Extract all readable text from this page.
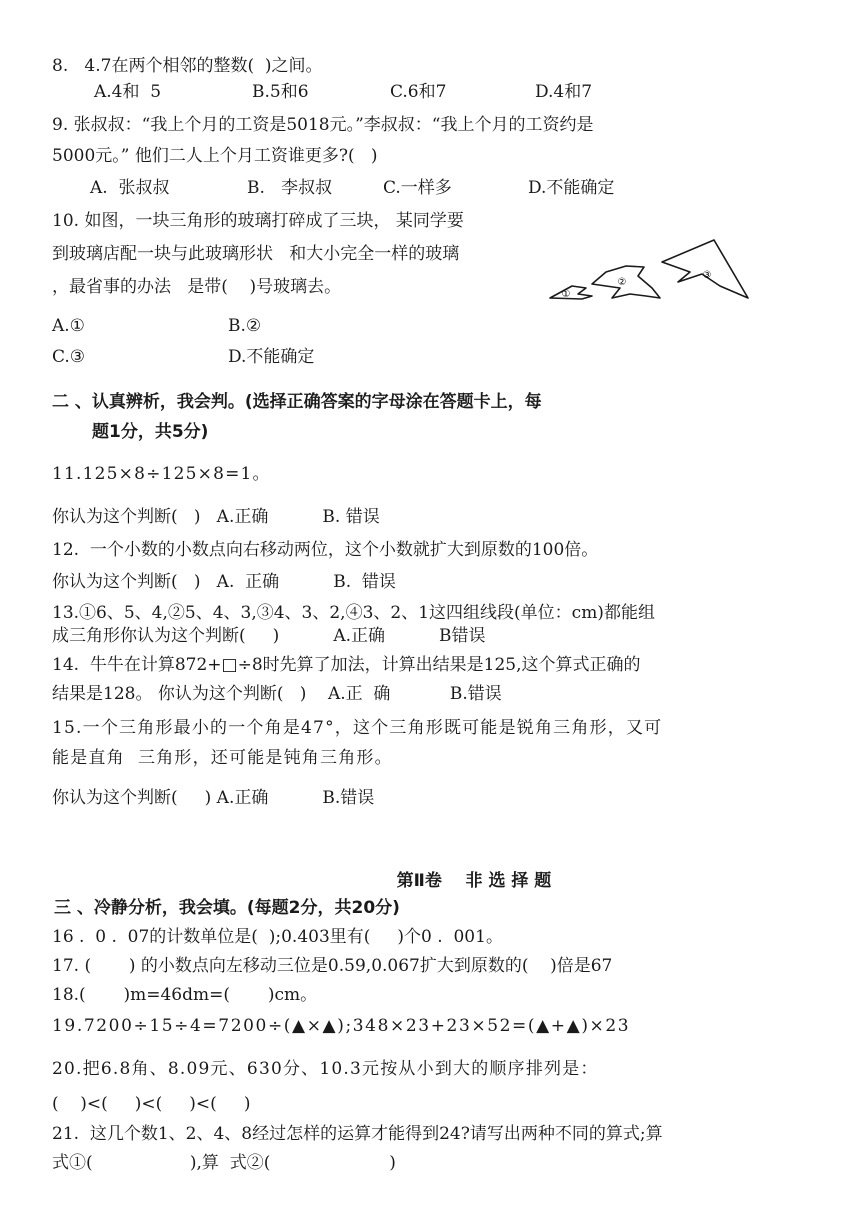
8.   4.7在两个相邻的整数(  )之间。
A.4和  5	B.5和6	C.6和7	D.4和7
9. 张叔叔：“我上个月的工资是5018元。”李叔叔：“我上个月的工资约是
5000元。” 他们二人上个月工资谁更多?(   )
A.  张叔叔	B.   李叔叔	C.一样多	D.不能确定
10. 如图，一块三角形的玻璃打碎成了三块， 某同学要
到玻璃店配一块与此玻璃形状   和大小完全一样的玻璃
，最省事的办法   是带(    )号玻璃去。	①
②
③
A.①	B.②
C.③	D.不能确定
二 、认真辨析，我会判。(选择正确答案的字母涂在答题卡上，每
题1分，共5分)
11.125×8÷125×8=1。
你认为这个判断(   )   A.正确          B. 错误
12.  一个小数的小数点向右移动两位，这个小数就扩大到原数的100倍。
你认为这个判断(   )   A.  正确          B.  错误
13.①6、5、4,②5、4、3,③4、3、2,④3、2、1这四组线段(单位：cm)都能组
成三角形你认为这个判断(     )          A.正确          B错误
14.  牛牛在计算872+□÷8时先算了加法，计算出结果是125,这个算式正确的
结果是128。 你认为这个判断(   )    A.正  确           B.错误
15.一个三角形最小的一个角是47°，这个三角形既可能是锐角三角形，又可
能是直角  三角形，还可能是钝角三角形。
你认为这个判断(     ) A.正确          B.错误
第Ⅱ卷    非 选 择 题
三 、冷静分析，我会填。(每题2分，共20分)
16 .  0 .  07的计数单位是(  );0.403里有(     )个0 .  001。
17. (       ) 的小数点向左移动三位是0.59,0.067扩大到原数的(    )倍是67
18.(       )m=46dm=(       )cm。
19.7200÷15÷4=7200÷(▲×▲);348×23+23×52=(▲+▲)×23
20.把6.8角、8.09元、630分、10.3元按从小到大的顺序排列是：
(    )<(     )<(     )<(     )
21.  这几个数1、2、4、8经过怎样的运算才能得到24?请写出两种不同的算式;算
式①(                  ),算  式②(                      )
